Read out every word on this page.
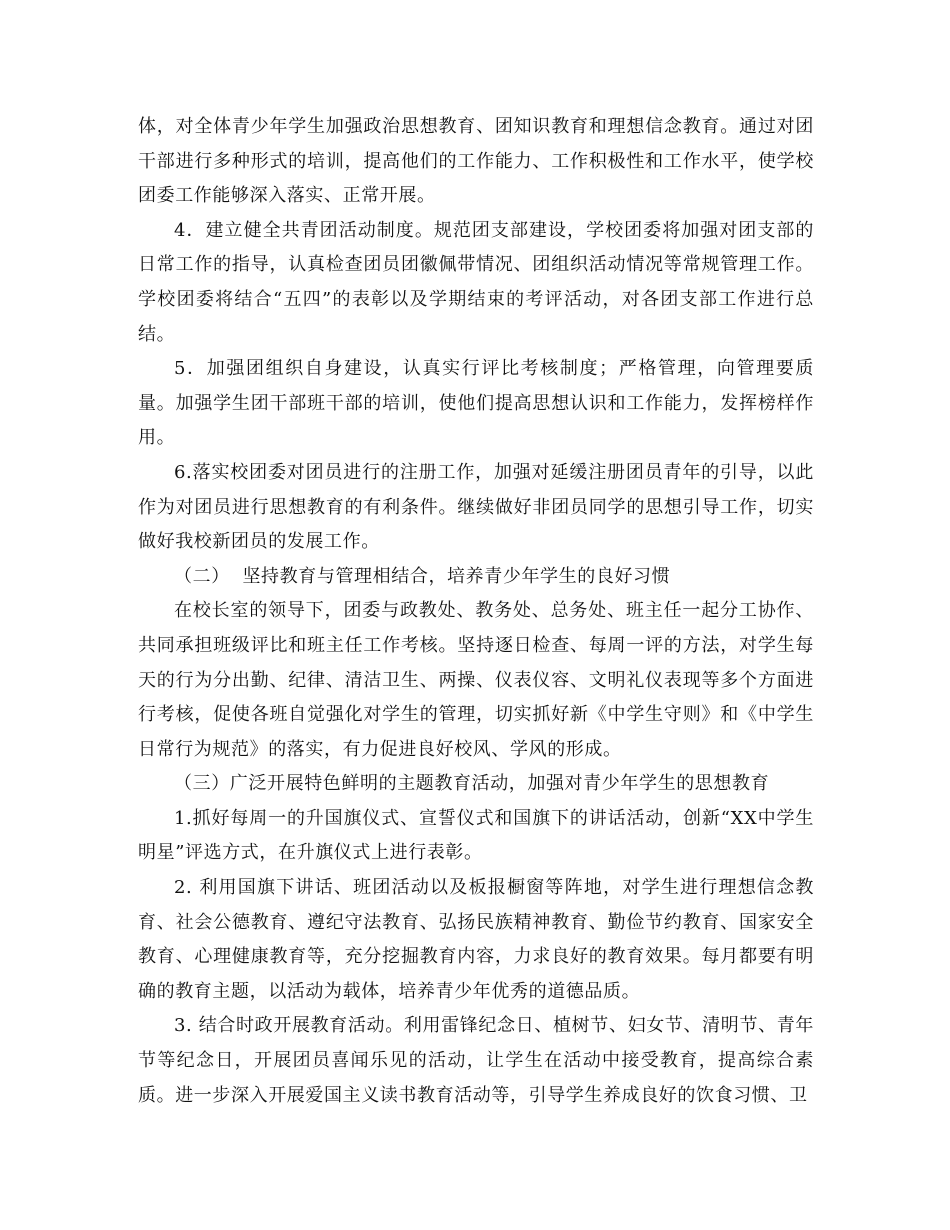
体，对全体青少年学生加强政治思想教育、团知识教育和理想信念教育。通过对团干部进行多种形式的培训，提高他们的工作能力、工作积极性和工作水平，使学校团委工作能够深入落实、正常开展。

4．建立健全共青团活动制度。规范团支部建设，学校团委将加强对团支部的日常工作的指导，认真检查团员团徽佩带情况、团组织活动情况等常规管理工作。学校团委将结合“五四”的表彰以及学期结束的考评活动，对各团支部工作进行总结。

5．加强团组织自身建设，认真实行评比考核制度；严格管理，向管理要质量。加强学生团干部班干部的培训，使他们提高思想认识和工作能力，发挥榜样作用。

6.落实校团委对团员进行的注册工作，加强对延缓注册团员青年的引导，以此作为对团员进行思想教育的有利条件。继续做好非团员同学的思想引导工作，切实做好我校新团员的发展工作。

（二）  坚持教育与管理相结合，培养青少年学生的良好习惯

在校长室的领导下，团委与政教处、教务处、总务处、班主任一起分工协作、共同承担班级评比和班主任工作考核。坚持逐日检查、每周一评的方法，对学生每天的行为分出勤、纪律、清洁卫生、两操、仪表仪容、文明礼仪表现等多个方面进行考核，促使各班自觉强化对学生的管理，切实抓好新《中学生守则》和《中学生日常行为规范》的落实，有力促进良好校风、学风的形成。

（三）广泛开展特色鲜明的主题教育活动，加强对青少年学生的思想教育

1.抓好每周一的升国旗仪式、宣誓仪式和国旗下的讲话活动，创新“XX中学生明星”评选方式，在升旗仪式上进行表彰。

2. 利用国旗下讲话、班团活动以及板报橱窗等阵地，对学生进行理想信念教育、社会公德教育、遵纪守法教育、弘扬民族精神教育、勤俭节约教育、国家安全教育、心理健康教育等，充分挖掘教育内容，力求良好的教育效果。每月都要有明确的教育主题，以活动为载体，培养青少年优秀的道德品质。

3. 结合时政开展教育活动。利用雷锋纪念日、植树节、妇女节、清明节、青年节等纪念日，开展团员喜闻乐见的活动，让学生在活动中接受教育，提高综合素质。进一步深入开展爱国主义读书教育活动等，引导学生养成良好的饮食习惯、卫
